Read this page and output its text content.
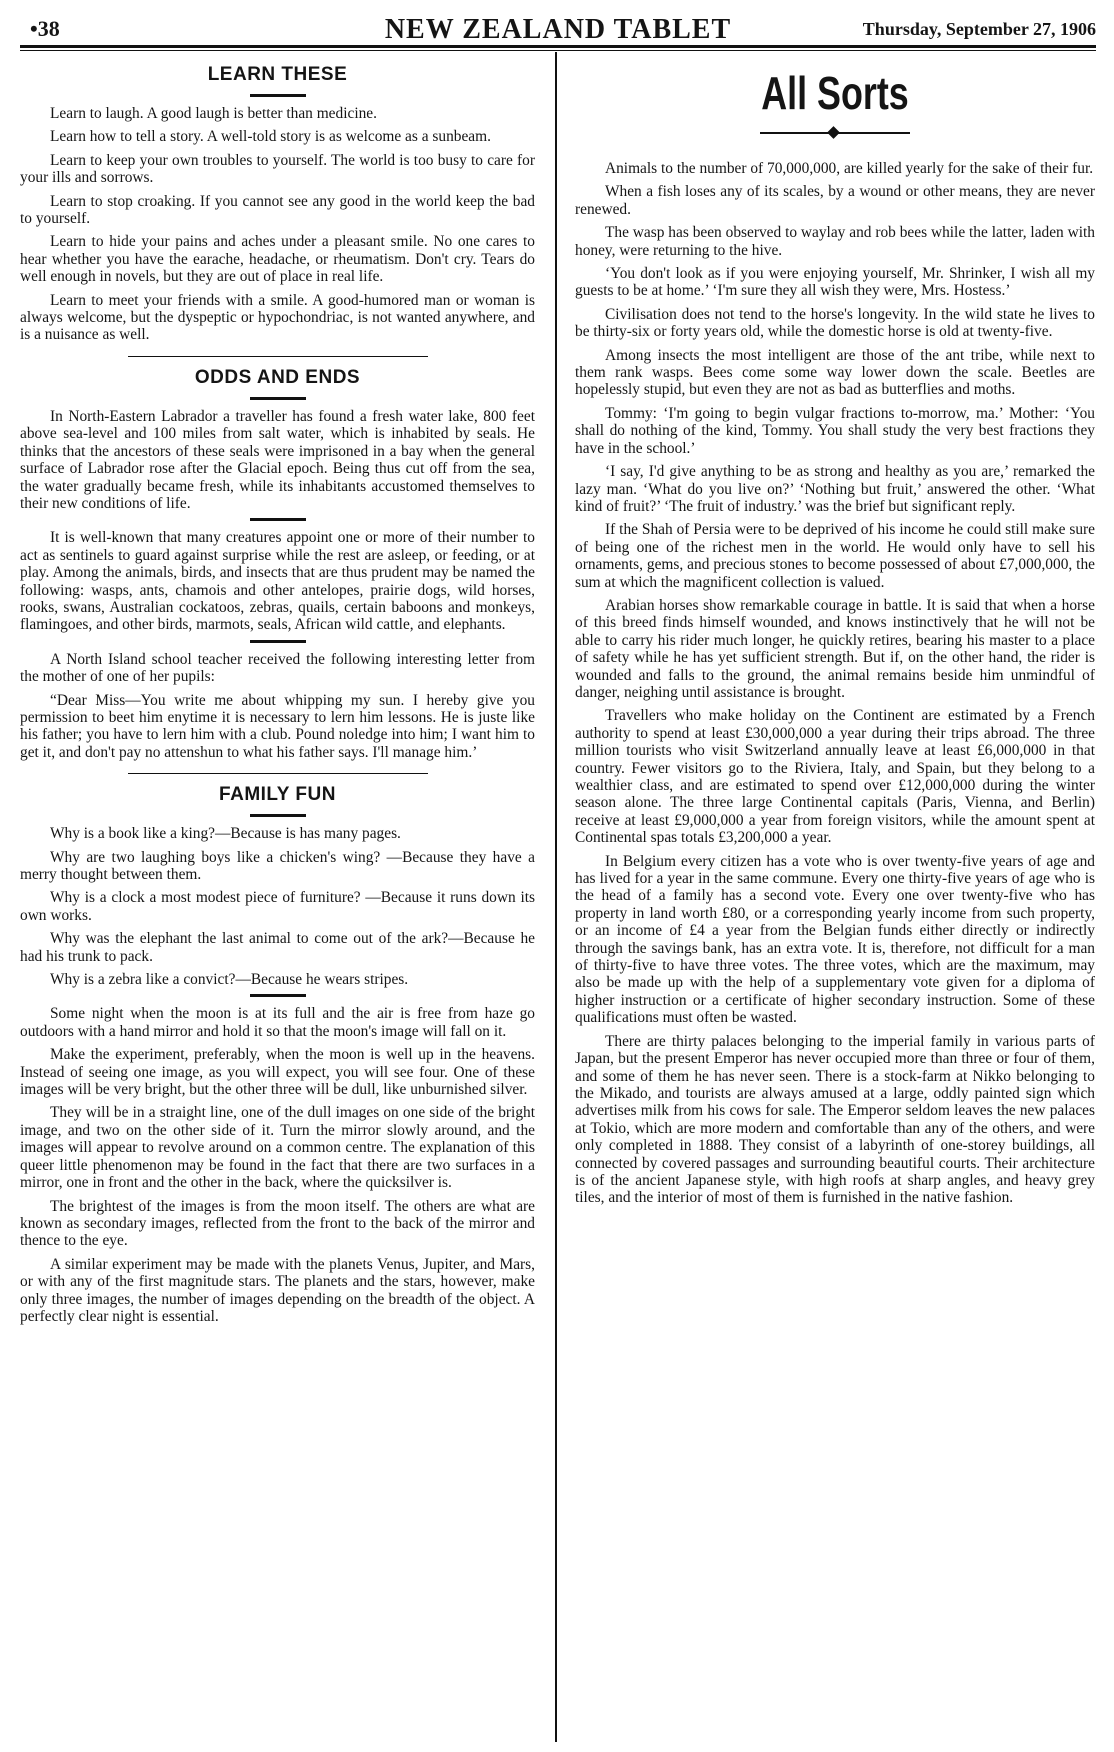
•38	NEW ZEALAND TABLET	Thursday, September 27, 1906
LEARN THESE

Learn to laugh. A good laugh is better than medicine.

Learn how to tell a story. A well-told story is as welcome as a sunbeam.

Learn to keep your own troubles to yourself. The world is too busy to care for your ills and sorrows.

Learn to stop croaking. If you cannot see any good in the world keep the bad to yourself.

Learn to hide your pains and aches under a pleasant smile. No one cares to hear whether you have the earache, headache, or rheumatism. Don't cry. Tears do well enough in novels, but they are out of place in real life.

Learn to meet your friends with a smile. A good-humored man or woman is always welcome, but the dyspeptic or hypochondriac, is not wanted anywhere, and is a nuisance as well.

ODDS AND ENDS

In North-Eastern Labrador a traveller has found a fresh water lake, 800 feet above sea-level and 100 miles from salt water, which is inhabited by seals. He thinks that the ancestors of these seals were imprisoned in a bay when the general surface of Labrador rose after the Glacial epoch. Being thus cut off from the sea, the water gradually became fresh, while its inhabitants accustomed themselves to their new conditions of life.

It is well-known that many creatures appoint one or more of their number to act as sentinels to guard against surprise while the rest are asleep, or feeding, or at play. Among the animals, birds, and insects that are thus prudent may be named the following: wasps, ants, chamois and other antelopes, prairie dogs, wild horses, rooks, swans, Australian cockatoos, zebras, quails, certain baboons and monkeys, flamingoes, and other birds, marmots, seals, African wild cattle, and elephants.

A North Island school teacher received the following interesting letter from the mother of one of her pupils:

“Dear Miss—You write me about whipping my sun. I hereby give you permission to beet him enytime it is necessary to lern him lessons. He is juste like his father; you have to lern him with a club. Pound noledge into him; I want him to get it, and don't pay no attenshun to what his father says. I'll manage him.’

FAMILY FUN

Why is a book like a king?—Because is has many pages.

Why are two laughing boys like a chicken's wing? —Because they have a merry thought between them.

Why is a clock a most modest piece of furniture? —Because it runs down its own works.

Why was the elephant the last animal to come out of the ark?—Because he had his trunk to pack.

Why is a zebra like a convict?—Because he wears stripes.

Some night when the moon is at its full and the air is free from haze go outdoors with a hand mirror and hold it so that the moon's image will fall on it.

Make the experiment, preferably, when the moon is well up in the heavens. Instead of seeing one image, as you will expect, you will see four. One of these images will be very bright, but the other three will be dull, like unburnished silver.

They will be in a straight line, one of the dull images on one side of the bright image, and two on the other side of it. Turn the mirror slowly around, and the images will appear to revolve around on a common centre. The explanation of this queer little phenomenon may be found in the fact that there are two surfaces in a mirror, one in front and the other in the back, where the quicksilver is.

The brightest of the images is from the moon itself. The others are what are known as secondary images, reflected from the front to the back of the mirror and thence to the eye.

A similar experiment may be made with the planets Venus, Jupiter, and Mars, or with any of the first magnitude stars. The planets and the stars, however, make only three images, the number of images depending on the breadth of the object. A perfectly clear night is essential.

All Sorts

Animals to the number of 70,000,000, are killed yearly for the sake of their fur.

When a fish loses any of its scales, by a wound or other means, they are never renewed.

The wasp has been observed to waylay and rob bees while the latter, laden with honey, were returning to the hive.

‘You don't look as if you were enjoying yourself, Mr. Shrinker, I wish all my guests to be at home.’ ‘I'm sure they all wish they were, Mrs. Hostess.’

Civilisation does not tend to the horse's longevity. In the wild state he lives to be thirty-six or forty years old, while the domestic horse is old at twenty-five.

Among insects the most intelligent are those of the ant tribe, while next to them rank wasps. Bees come some way lower down the scale. Beetles are hopelessly stupid, but even they are not as bad as butterflies and moths.

Tommy: ‘I'm going to begin vulgar fractions to-morrow, ma.’ Mother: ‘You shall do nothing of the kind, Tommy. You shall study the very best fractions they have in the school.’

‘I say, I'd give anything to be as strong and healthy as you are,’ remarked the lazy man. ‘What do you live on?’ ‘Nothing but fruit,’ answered the other. ‘What kind of fruit?’ ‘The fruit of industry.’ was the brief but significant reply.

If the Shah of Persia were to be deprived of his income he could still make sure of being one of the richest men in the world. He would only have to sell his ornaments, gems, and precious stones to become possessed of about £7,000,000, the sum at which the magnificent collection is valued.

Arabian horses show remarkable courage in battle. It is said that when a horse of this breed finds himself wounded, and knows instinctively that he will not be able to carry his rider much longer, he quickly retires, bearing his master to a place of safety while he has yet sufficient strength. But if, on the other hand, the rider is wounded and falls to the ground, the animal remains beside him unmindful of danger, neighing until assistance is brought.

Travellers who make holiday on the Continent are estimated by a French authority to spend at least £30,000,000 a year during their trips abroad. The three million tourists who visit Switzerland annually leave at least £6,000,000 in that country. Fewer visitors go to the Riviera, Italy, and Spain, but they belong to a wealthier class, and are estimated to spend over £12,000,000 during the winter season alone. The three large Continental capitals (Paris, Vienna, and Berlin) receive at least £9,000,000 a year from foreign visitors, while the amount spent at Continental spas totals £3,200,000 a year.

In Belgium every citizen has a vote who is over twenty-five years of age and has lived for a year in the same commune. Every one thirty-five years of age who is the head of a family has a second vote. Every one over twenty-five who has property in land worth £80, or a corresponding yearly income from such property, or an income of £4 a year from the Belgian funds either directly or indirectly through the savings bank, has an extra vote. It is, therefore, not difficult for a man of thirty-five to have three votes. The three votes, which are the maximum, may also be made up with the help of a supplementary vote given for a diploma of higher instruction or a certificate of higher secondary instruction. Some of these qualifications must often be wasted.

There are thirty palaces belonging to the imperial family in various parts of Japan, but the present Emperor has never occupied more than three or four of them, and some of them he has never seen. There is a stock-farm at Nikko belonging to the Mikado, and tourists are always amused at a large, oddly painted sign which advertises milk from his cows for sale. The Emperor seldom leaves the new palaces at Tokio, which are more modern and comfortable than any of the others, and were only completed in 1888. They consist of a labyrinth of one-storey buildings, all connected by covered passages and surrounding beautiful courts. Their architecture is of the ancient Japanese style, with high roofs at sharp angles, and heavy grey tiles, and the interior of most of them is furnished in the native fashion.
